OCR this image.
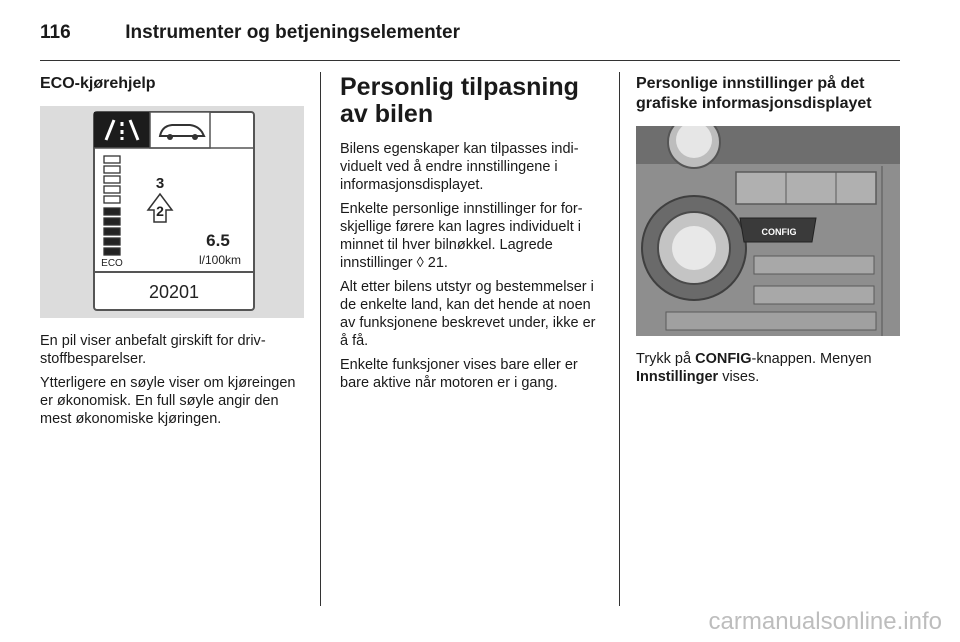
116	Instrumenter og betjeningselementer
ECO-kjørehjelp
3
2
6.5
l/100km
ECO
20201

En pil viser anbefalt girskift for drivstoffbesparelser.

Ytterligere en søyle viser om kjøreingen er økonomisk. En full søyle angir den mest økonomiske kjøringen.

Personlig tilpasning av bilen

Bilens egenskaper kan tilpasses individuelt ved å endre innstillingene i informasjonsdisplayet.

Enkelte personlige innstillinger for forskjellige førere kan lagres individuelt i minnet til hver bilnøkkel. Lagrede innstillinger ◊ 21.

Alt etter bilens utstyr og bestemmelser i de enkelte land, kan det hende at noen av funksjonene beskrevet under, ikke er å få.

Enkelte funksjoner vises bare eller er bare aktive når motoren er i gang.

Personlige innstillinger på det grafiske informasjonsdisplayet
CONFIG

Trykk på CONFIG-knappen. Menyen Innstillinger vises.

carmanualsonline.info
